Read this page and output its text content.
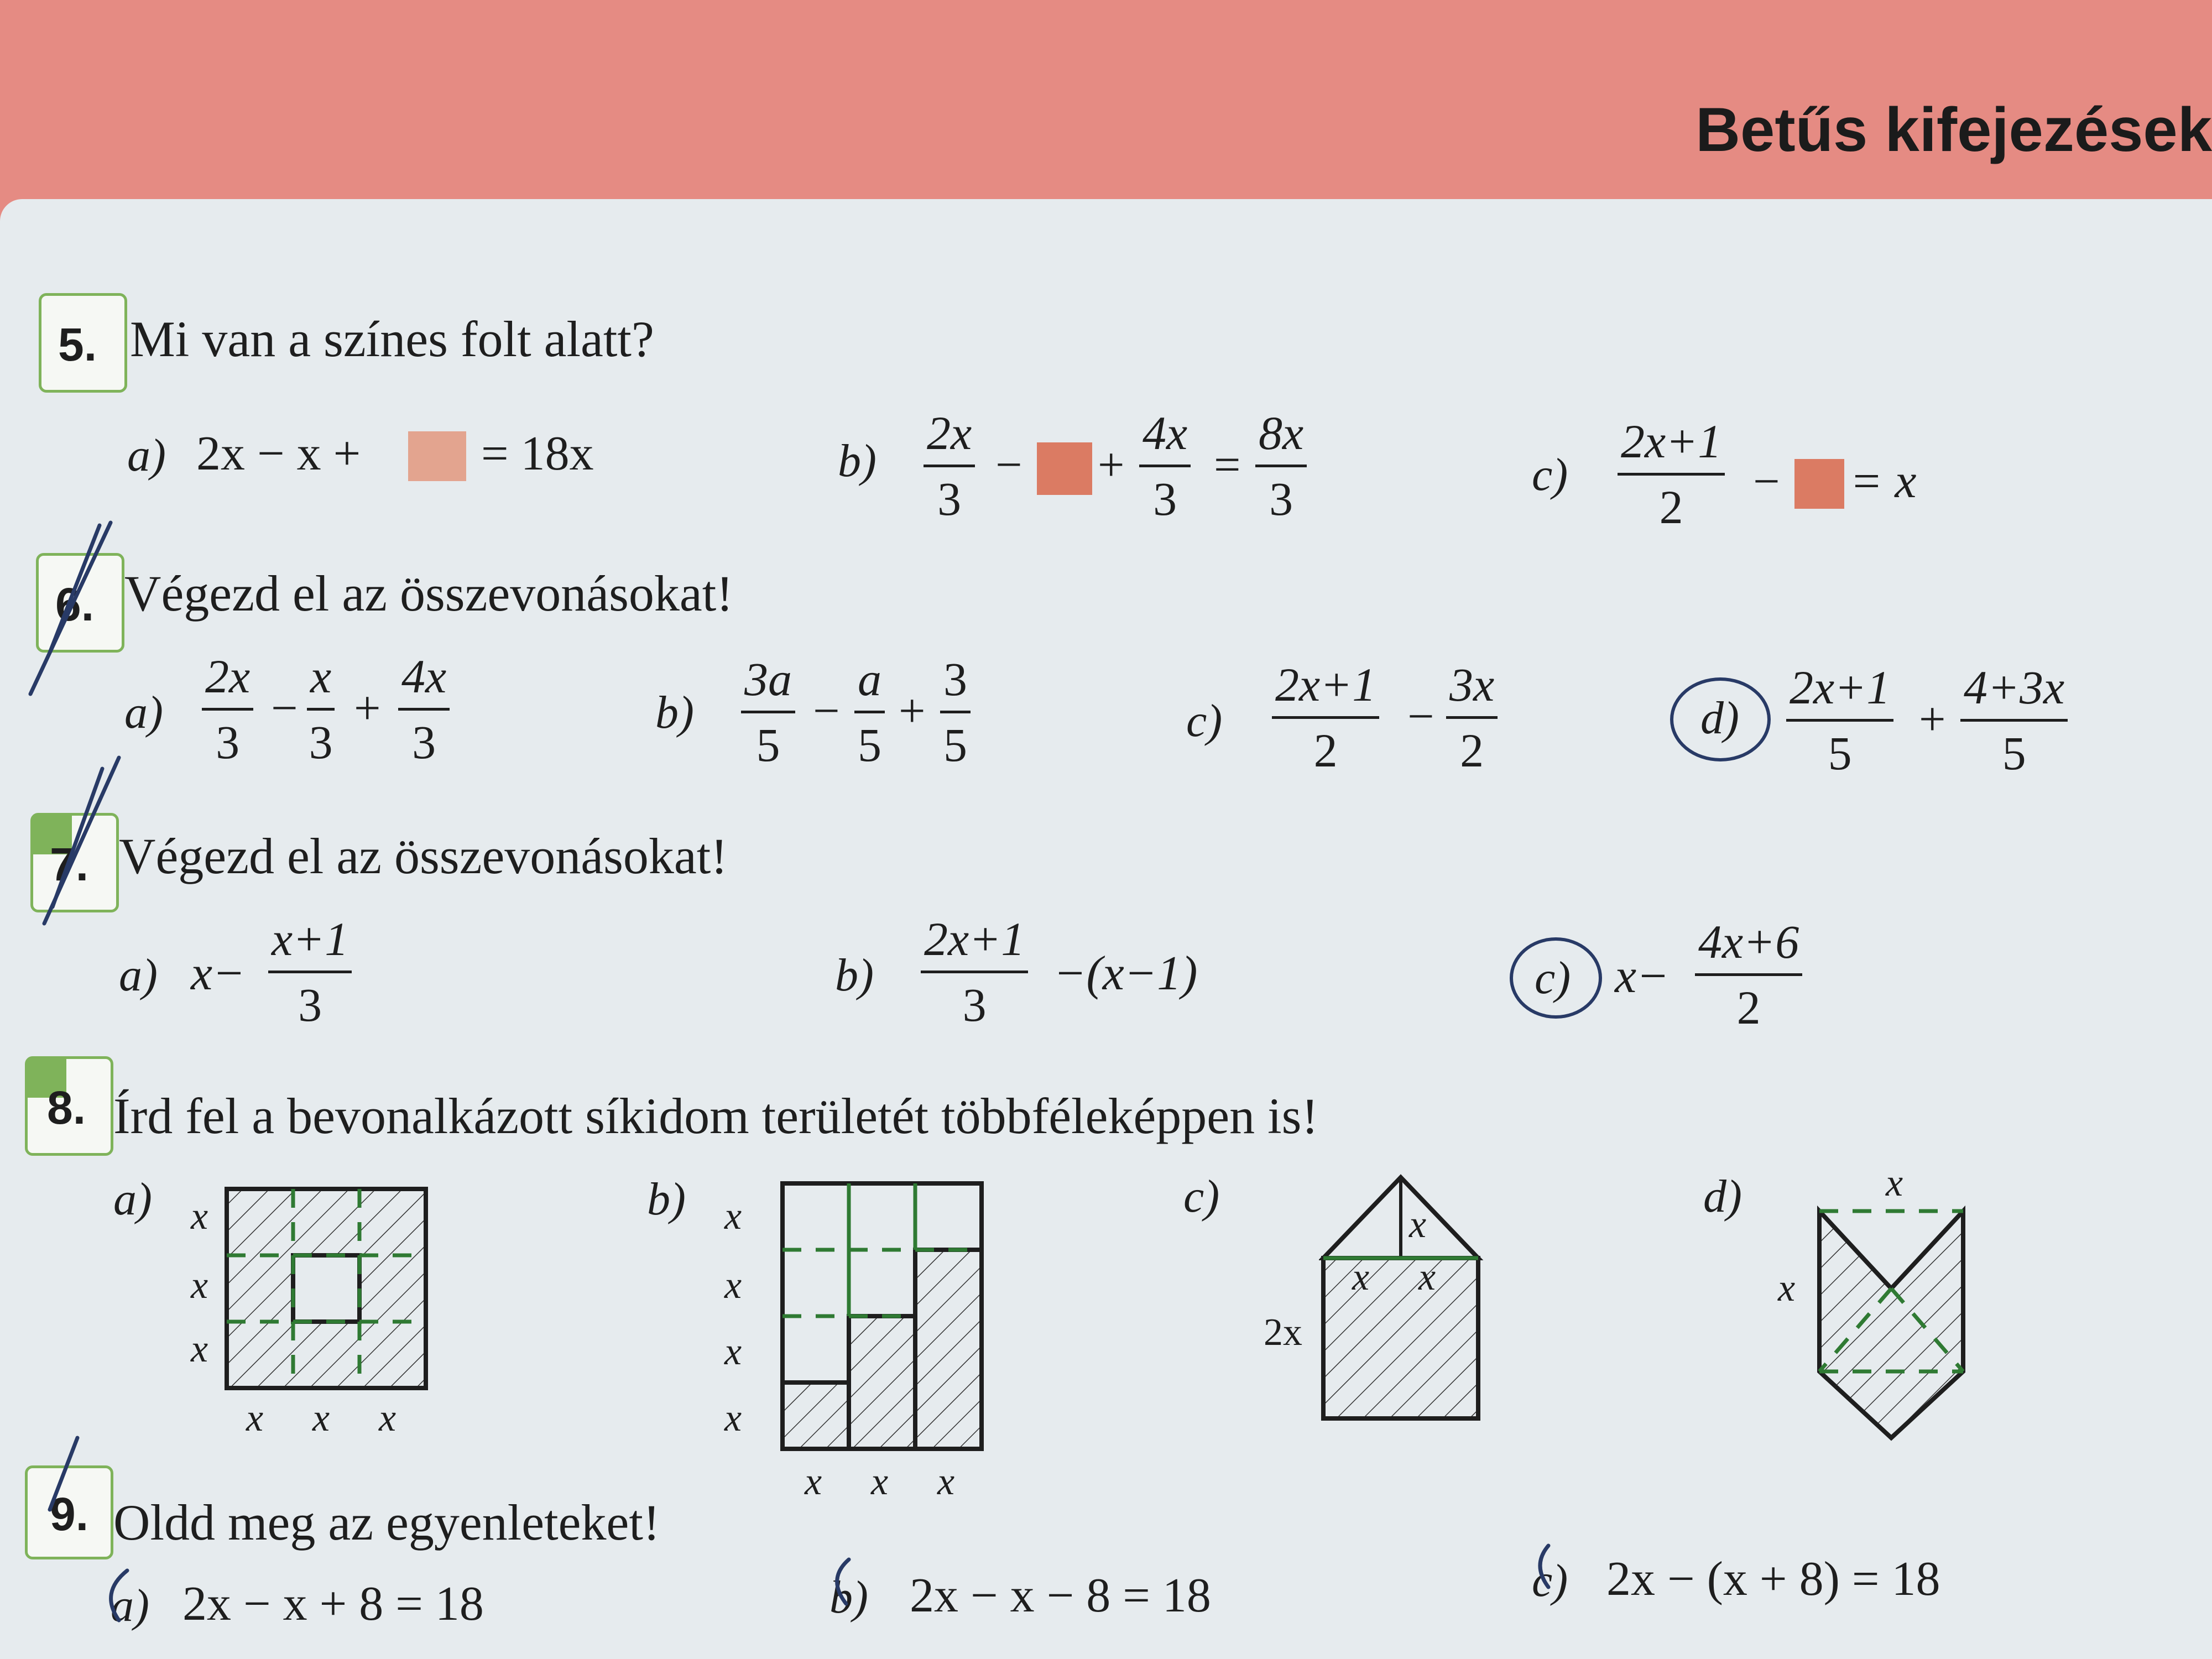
Betűs kifejezések
5. Mi van a színes folt alatt?
a) 2x − x + = 18x	$b) \frac{2x}{3}$ − + $\frac{4x}{3} = \frac{8x}{3}$	$c) \frac{2x+1}{2}$ − = x
6. Végezd el az összevonásokat!
$a) \frac{2x}{3} - \frac{x}{3} + \frac{4x}{3}$	$b) \frac{3a}{5} - \frac{a}{5} + \frac{3}{5}$	$c) \frac{2x+1}{2} - \frac{3x}{2}$	$d) \frac{2x+1}{5} + \frac{4+3x}{5}$
7. Végezd el az összevonásokat!
a) $x- \frac{x+1}{3}$	$b) \frac{2x+1}{3} -(x-1)$	c) $x- \frac{4x+6}{2}$
8. Írd fel a bevonalkázott síkidom területét többféleképpen is!
a) x
x
x
x x x
b) x
x
x
x
x x x
c)
x
x x
2x
d)	x
x
9. Oldd meg az egyenleteket!
a) 2x − x + 8 = 18	b) 2x − x − 8 = 18	c) 2x − (x + 8) = 18
